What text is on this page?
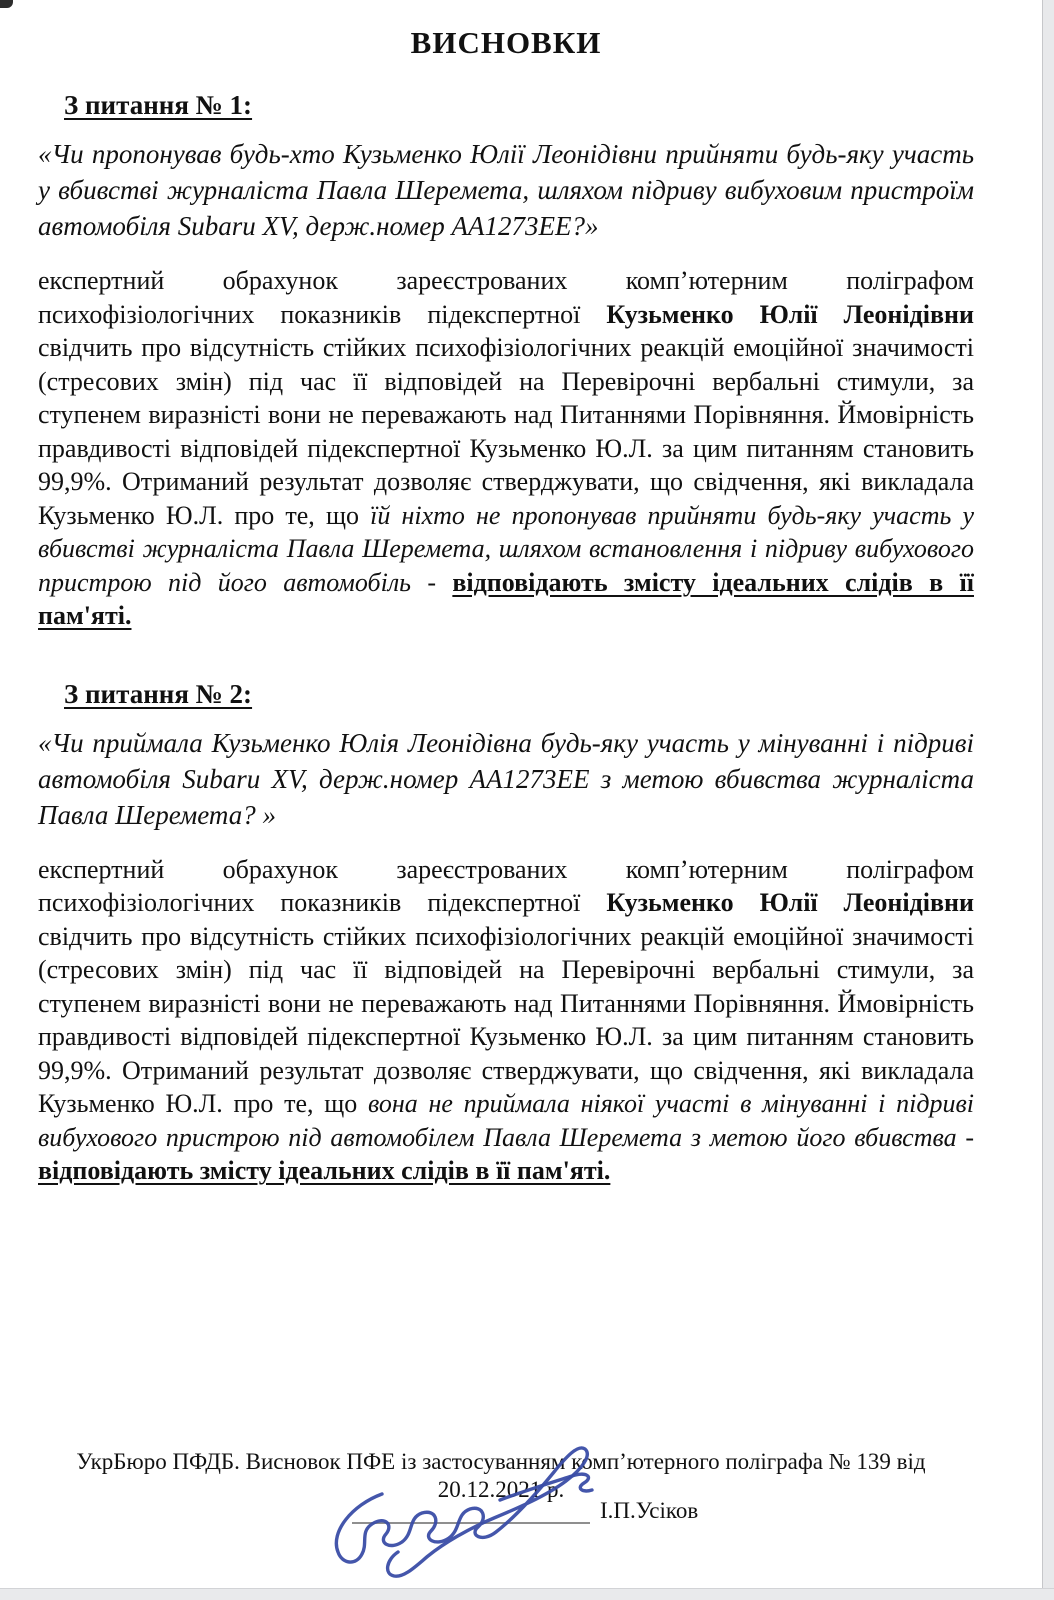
ВИСНОВКИ
З питання № 1:

«Чи пропонував будь-хто Кузьменко Юлії Леонідівни прийняти будь-яку участь у вбивстві журналіста Павла Шеремета, шляхом підриву вибуховим пристроїм автомобіля Subaru XV, держ.номер АА1273ЕЕ?»

експертний обрахунок зареєстрованих комп’ютерним поліграфом психофізіологічних показників підекспертної Кузьменко Юлії Леонідівни свідчить про відсутність стійких психофізіологічних реакцій емоційної значимості (стресових змін) під час її відповідей на Перевірочні вербальні стимули, за ступенем виразністі вони не переважають над Питаннями Порівняння. Ймовірність правдивості відповідей підекспертної Кузьменко Ю.Л. за цим питанням становить 99,9%. Отриманий результат дозволяє стверджувати, що свідчення, які викладала Кузьменко Ю.Л. про те, що їй ніхто не пропонував прийняти будь-яку участь у вбивстві журналіста Павла Шеремета, шляхом встановлення і підриву вибухового пристрою під його автомобіль - відповідають змісту ідеальних слідів в її пам'яті.

З питання № 2:

«Чи приймала Кузьменко Юлія Леонідівна будь-яку участь у мінуванні і підриві автомобіля Subaru XV, держ.номер АА1273ЕЕ з метою вбивства журналіста Павла Шеремета? »

експертний обрахунок зареєстрованих комп’ютерним поліграфом психофізіологічних показників підекспертної Кузьменко Юлії Леонідівни свідчить про відсутність стійких психофізіологічних реакцій емоційної значимості (стресових змін) під час її відповідей на Перевірочні вербальні стимули, за ступенем виразністі вони не переважають над Питаннями Порівняння. Ймовірність правдивості відповідей підекспертної Кузьменко Ю.Л. за цим питанням становить 99,9%. Отриманий результат дозволяє стверджувати, що свідчення, які викладала Кузьменко Ю.Л. про те, що вона не приймала ніякої участі в мінуванні і підриві вибухового пристрою під автомобілем Павла Шеремета з метою його вбивства - відповідають змісту ідеальних слідів в її пам'яті.

УкрБюро ПФДБ. Висновок ПФЕ із застосуванням комп’ютерного поліграфа № 139 від 20.12.2021 р.
І.П.Усіков
